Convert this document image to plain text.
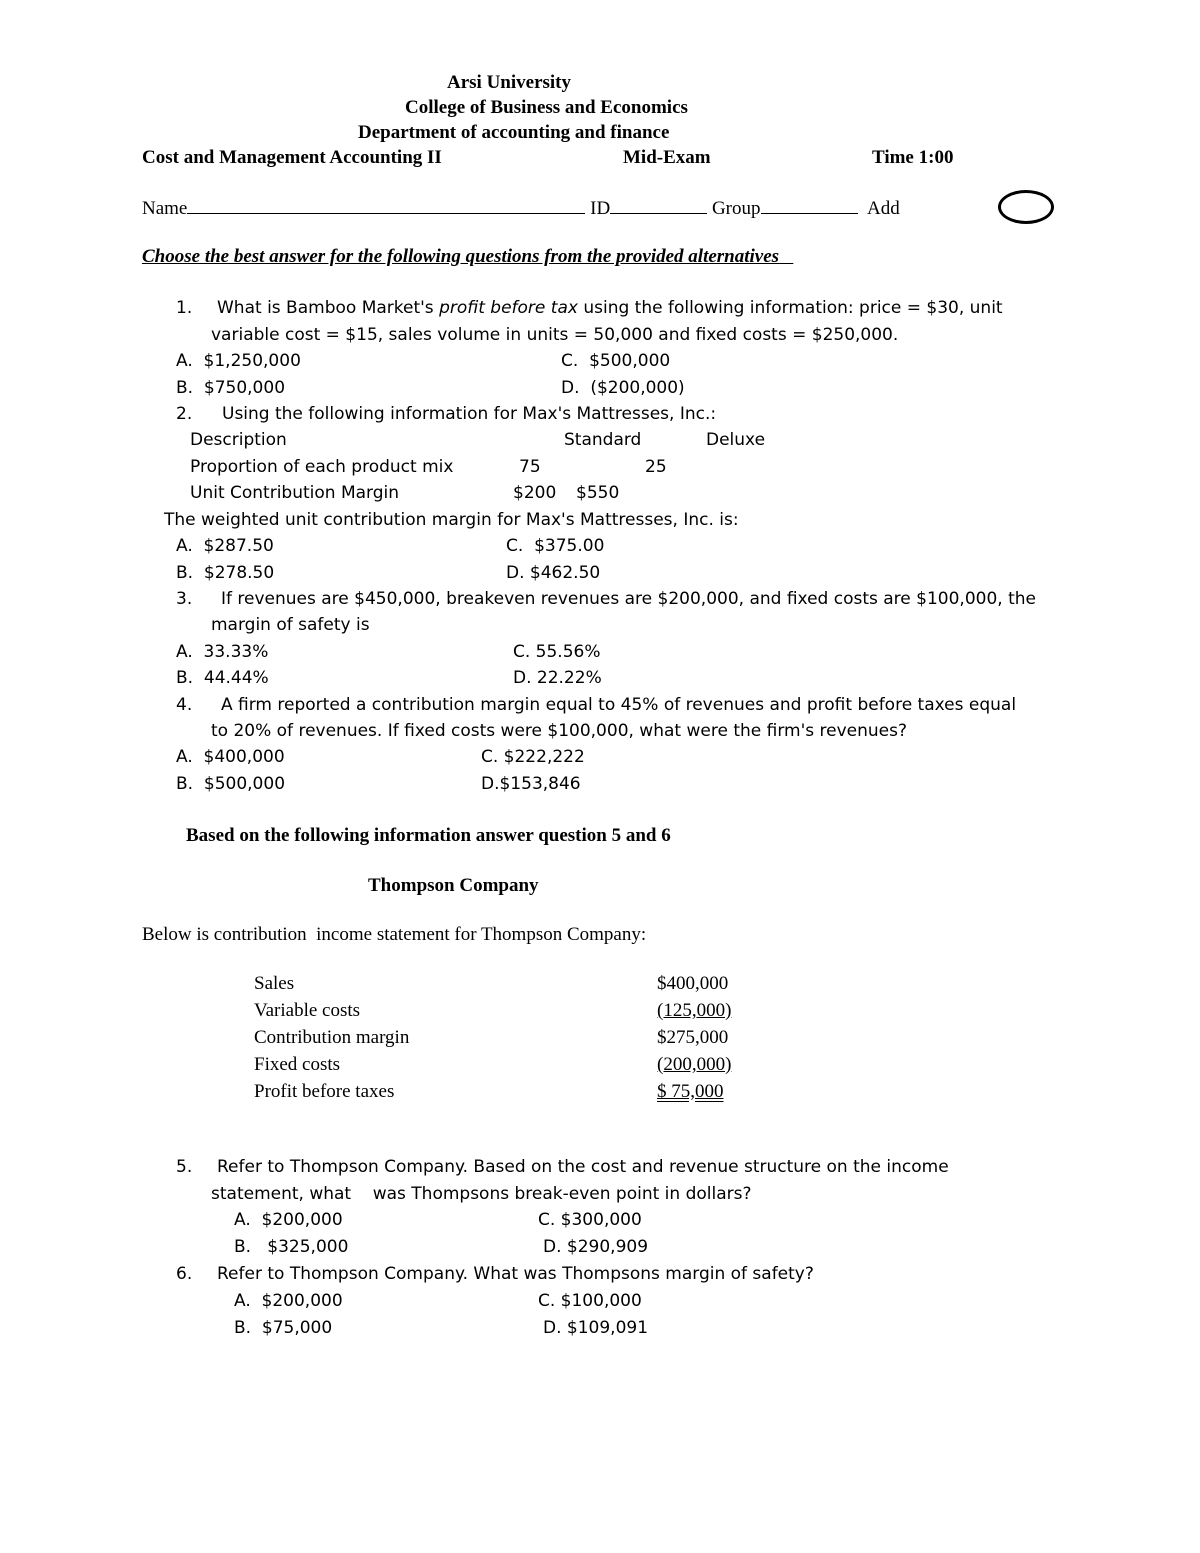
Arsi University
College of Business and Economics
Department of accounting and finance
Cost and Management Accounting II	Mid-Exam	Time 1:00
Name	ID	Group	Add
Choose the best answer for the following questions from the provided alternatives
1. What is Bamboo Market's profit before tax using the following information: price = $30, unit
variable cost = $15, sales volume in units = 50,000 and fixed costs = $250,000.
A. $1,250,000	C. $500,000
B. $750,000	D. ($200,000)
2. Using the following information for Max's Mattresses, Inc.:
Description	Standard	Deluxe
Proportion of each product mix	75	25
Unit Contribution Margin	$200 $550
The weighted unit contribution margin for Max's Mattresses, Inc. is:
A. $287.50	C. $375.00
B. $278.50	D. $462.50
3. If revenues are $450,000, breakeven revenues are $200,000, and fixed costs are $100,000, the
margin of safety is
A. 33.33%	C. 55.56%
B. 44.44%	D. 22.22%
4. A firm reported a contribution margin equal to 45% of revenues and profit before taxes equal
to 20% of revenues. If fixed costs were $100,000, what were the firm's revenues?
A. $400,000	C. $222,222
B. $500,000	D.$153,846
Based on the following information answer question 5 and 6
Thompson Company
Below is contribution  income statement for Thompson Company:
Sales	$400,000
Variable costs	(125,000)
Contribution margin	$275,000
Fixed costs	(200,000)
Profit before taxes	$ 75,000
5. Refer to Thompson Company. Based on the cost and revenue structure on the income
statement, what    was Thompsons break-even point in dollars?
A. $200,000	C. $300,000
B. $325,000	D. $290,909
6. Refer to Thompson Company. What was Thompsons margin of safety?
A. $200,000	C. $100,000
B. $75,000	D. $109,091
